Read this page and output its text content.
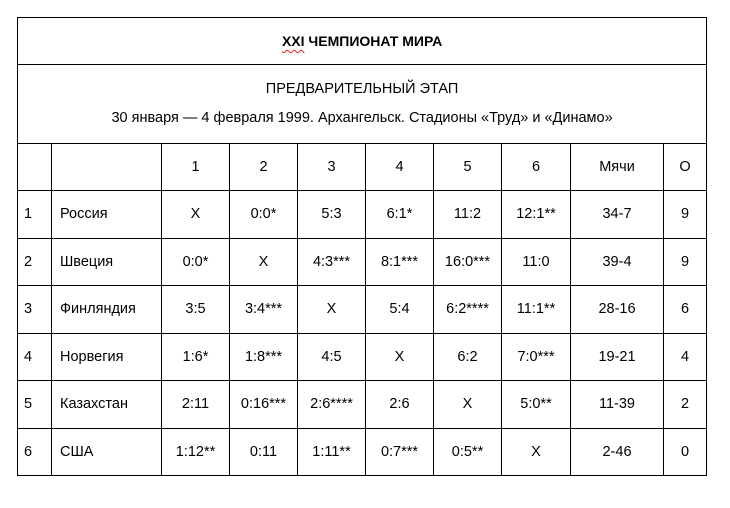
XXI ЧЕМПИОНАТ МИРА									

ПРЕДВАРИТЕЛЬНЫЙ ЭТАП
30 января — 4 февраля 1999. Архангельск. Стадионы «Труд» и «Динамо»									

		1	2	3	4	5	6	Мячи	О
1	Россия	X	0:0*	5:3	6:1*	11:2	12:1**	34-7	9
2	Швеция	0:0*	X	4:3***	8:1***	16:0***	11:0	39-4	9
3	Финляндия	3:5	3:4***	X	5:4	6:2****	11:1**	28-16	6
4	Норвегия	1:6*	1:8***	4:5	X	6:2	7:0***	19-21	4
5	Казахстан	2:11	0:16***	2:6****	2:6	X	5:0**	11-39	2
6	США	1:12**	0:11	1:11**	0:7***	0:5**	X	2-46	0
